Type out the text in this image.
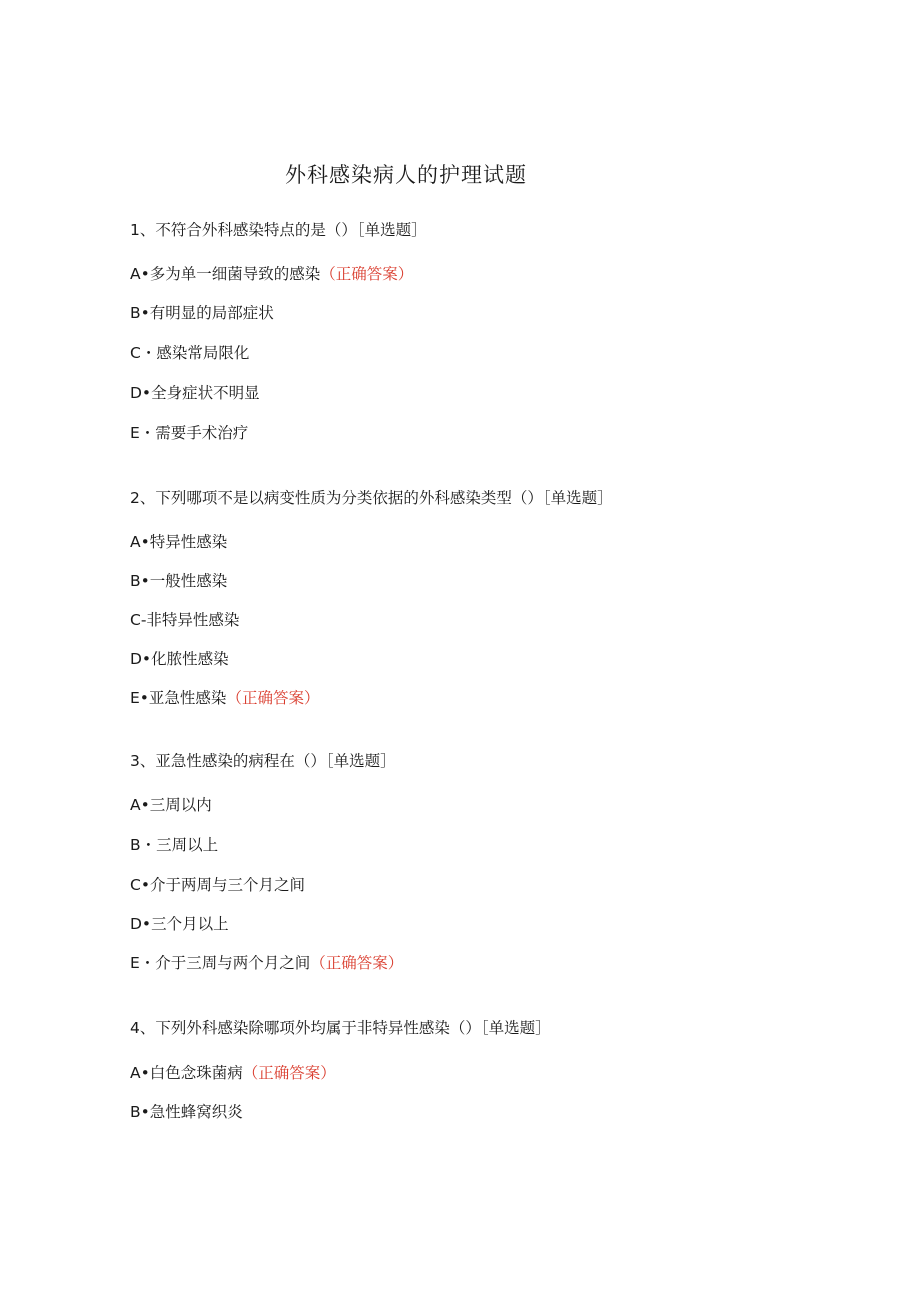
外科感染病人的护理试题
1、不符合外科感染特点的是（）［单选题］
A•多为单一细菌导致的感染（正确答案）
B•有明显的局部症状
C・感染常局限化
D•全身症状不明显
E・需要手术治疗
2、下列哪项不是以病变性质为分类依据的外科感染类型（）［单选题］
A•特异性感染
B•一般性感染
C-非特异性感染
D•化脓性感染
E•亚急性感染（正确答案）
3、亚急性感染的病程在（）［单选题］
A•三周以内
B・三周以上
C•介于两周与三个月之间
D•三个月以上
E・介于三周与两个月之间（正确答案）
4、下列外科感染除哪项外均属于非特异性感染（）［单选题］
A•白色念珠菌病（正确答案）
B•急性蜂窝织炎
